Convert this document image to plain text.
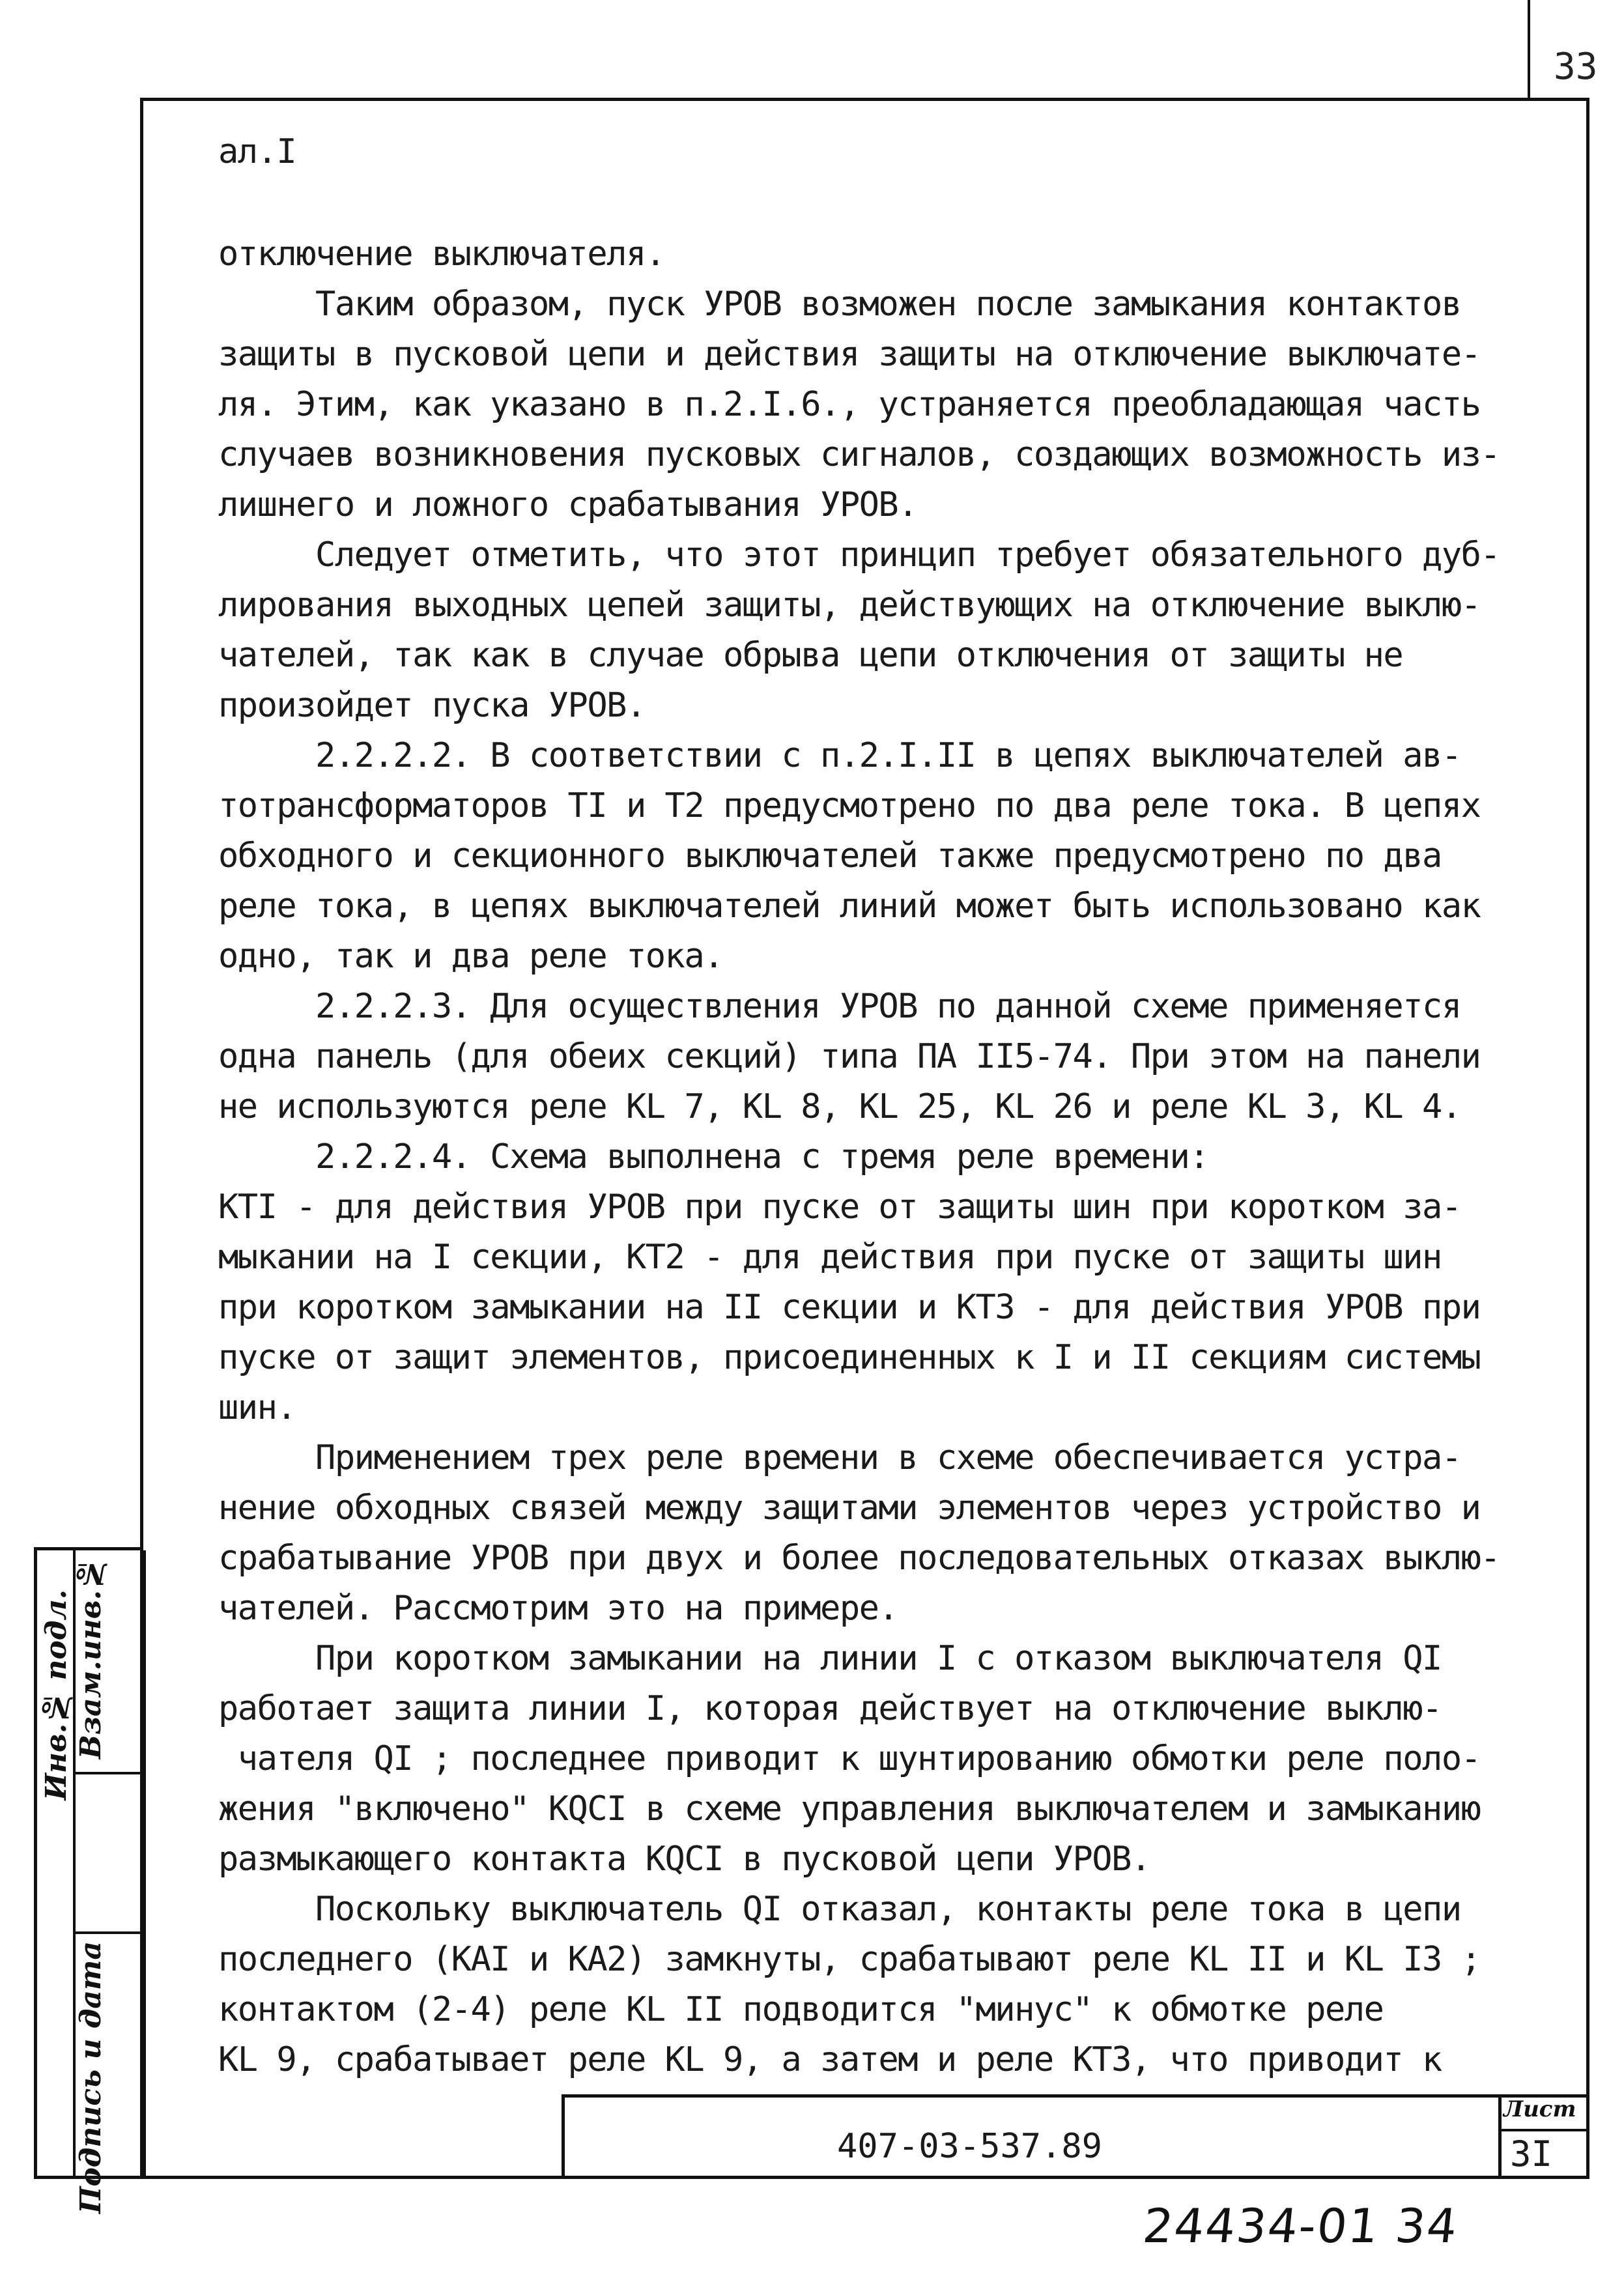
33

ал.I

отключение выключателя.

Таким образом, пуск УРОВ возможен после замыкания контактов

защиты в пусковой цепи и действия защиты на отключение выключате-

ля. Этим, как указано в п.2.I.6., устраняется преобладающая часть

случаев возникновения пусковых сигналов, создающих возможность из-

лишнего и ложного срабатывания УРОВ.

Следует отметить, что этот принцип требует обязательного дуб-

лирования выходных цепей защиты, действующих на отключение выклю-

чателей, так как в случае обрыва цепи отключения от защиты не

произойдет пуска УРОВ.

2.2.2.2. В соответствии с п.2.I.II в цепях выключателей ав-

тотрансформаторов TI и T2 предусмотрено по два реле тока. В цепях

обходного и секционного выключателей также предусмотрено по два

реле тока, в цепях выключателей линий может быть использовано как

одно, так и два реле тока.

2.2.2.3. Для осуществления УРОВ по данной схеме применяется

одна панель (для обеих секций) типа ПА II5-74. При этом на панели

не используются реле KL 7, KL 8, KL 25, KL 26 и реле KL 3, KL 4.

2.2.2.4. Схема выполнена с тремя реле времени:

KTI - для действия УРОВ при пуске от защиты шин при коротком за-

мыкании на I секции, KT2 - для действия при пуске от защиты шин

при коротком замыкании на II секции и KT3 - для действия УРОВ при

пуске от защит элементов, присоединенных к I и II секциям системы

шин.

Применением трех реле времени в схеме обеспечивается устра-

нение обходных связей между защитами элементов через устройство и

срабатывание УРОВ при двух и более последовательных отказах выклю-

чателей. Рассмотрим это на примере.

При коротком замыкании на линии I с отказом выключателя QI

работает защита линии I, которая действует на отключение выклю-

чателя QI ; последнее приводит к шунтированию обмотки реле поло-

жения "включено" KQCI в схеме управления выключателем и замыканию

размыкающего контакта KQCI в пусковой цепи УРОВ.

Поскольку выключатель QI отказал, контакты реле тока в цепи

последнего (KAI и KA2) замкнуты, срабатывают реле KL II и KL I3 ;

контактом (2-4) реле KL II подводится "минус" к обмотке реле

KL 9, срабатывает реле KL 9, а затем и реле KT3, что приводит к

Инв.№ подл.
Подпись и дата
Взам.инв.№
407-03-537.89
Лист
3I
24434-01 34
